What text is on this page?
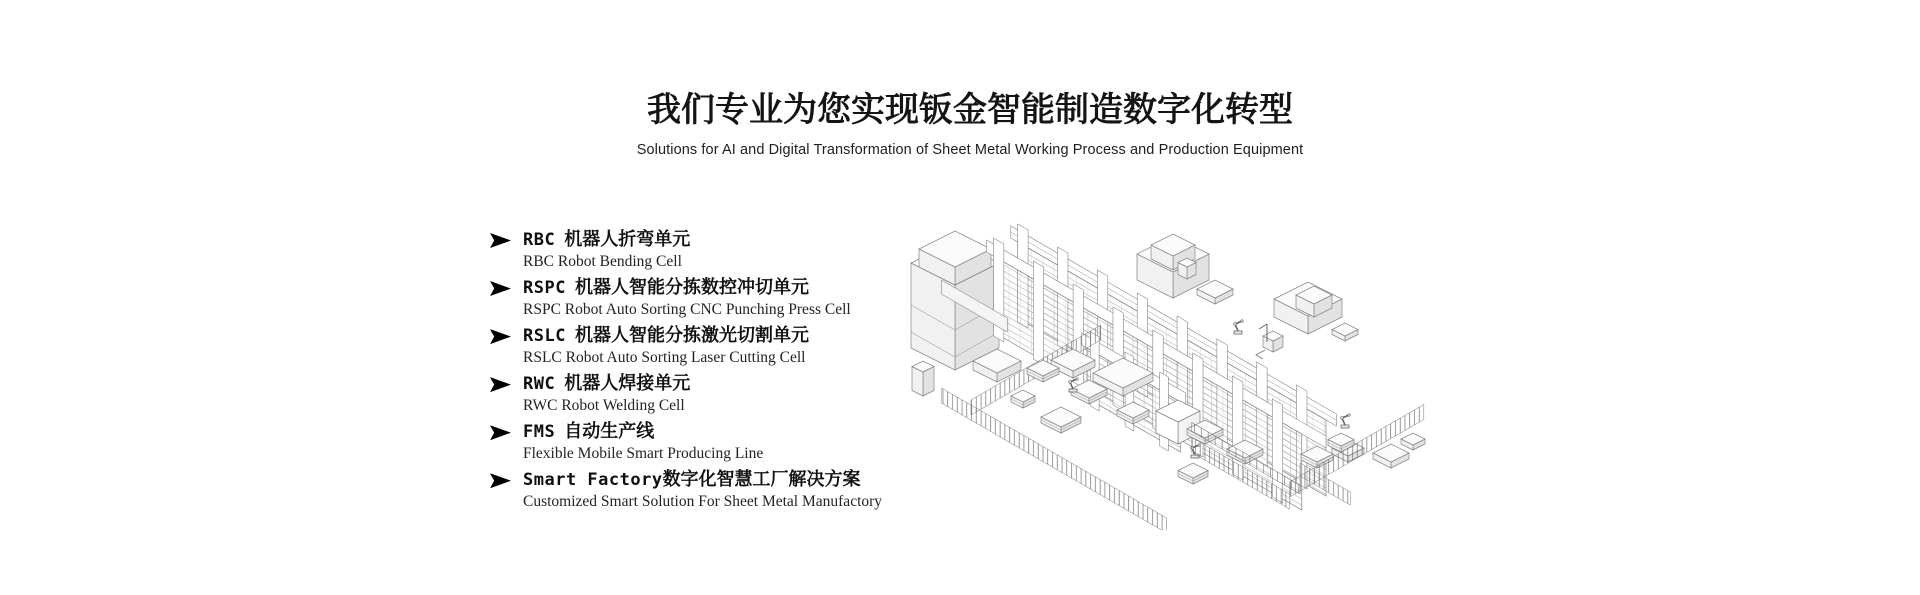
我们专业为您实现钣金智能制造数字化转型

Solutions for AI and Digital Transformation of Sheet Metal Working Process and Production Equipment

RBC 机器人折弯单元
RBC Robot Bending Cell
RSPC 机器人智能分拣数控冲切单元
RSPC Robot Auto Sorting CNC Punching Press Cell
RSLC 机器人智能分拣激光切割单元
RSLC Robot Auto Sorting Laser Cutting Cell
RWC 机器人焊接单元
RWC Robot Welding Cell
FMS 自动生产线
Flexible Mobile Smart Producing Line
Smart Factory数字化智慧工厂解决方案
Customized Smart Solution For Sheet Metal Manufactory
